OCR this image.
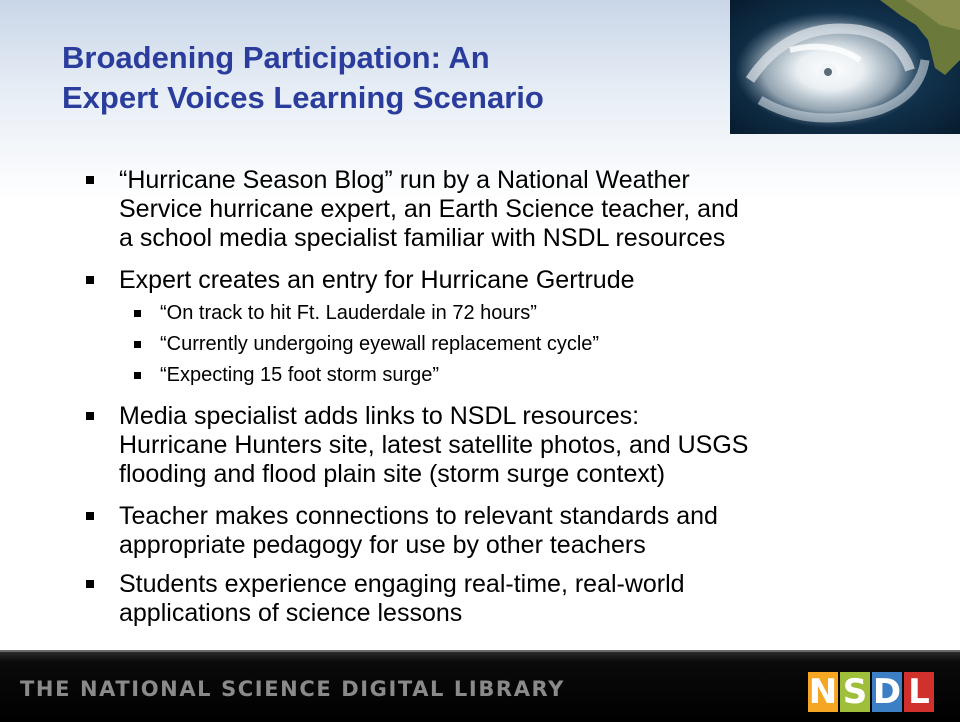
Broadening Participation: An
Expert Voices Learning Scenario
“Hurricane Season Blog” run by a National Weather
Service hurricane expert, an Earth Science teacher, and
a school media specialist familiar with NSDL resources
Expert creates an entry for Hurricane Gertrude
“On track to hit Ft. Lauderdale in 72 hours”
“Currently undergoing eyewall replacement cycle”
“Expecting 15 foot storm surge”
Media specialist adds links to NSDL resources:
Hurricane Hunters site, latest satellite photos, and USGS
flooding and flood plain site (storm surge context)
Teacher makes connections to relevant standards and
appropriate pedagogy for use by other teachers
Students experience engaging real-time, real-world
applications of science lessons
THE NATIONAL SCIENCE DIGITAL LIBRARY	N S D L
